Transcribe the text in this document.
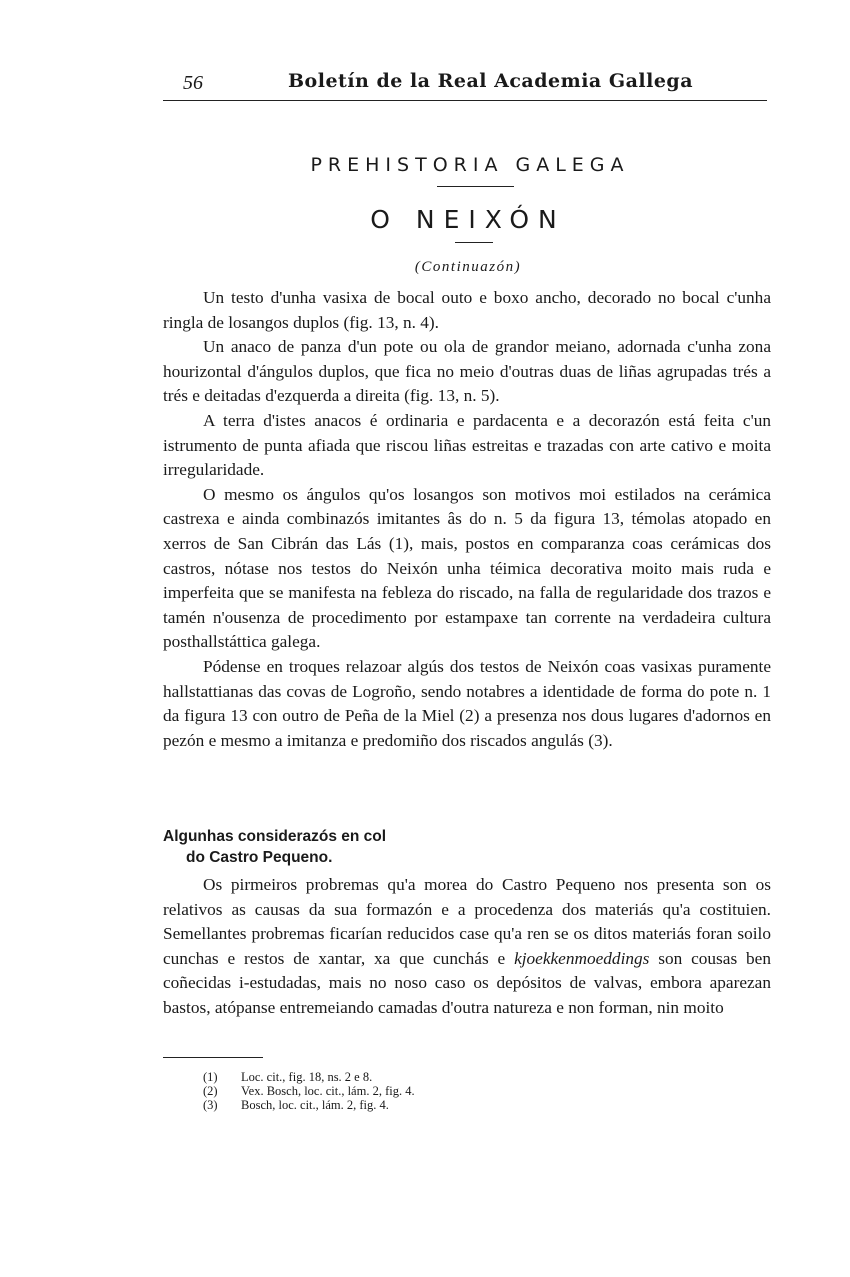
56	Boletín de la Real Academia Gallega
PREHISTORIA GALEGA
O NEIXÓN
(Continuazón)

Un testo d'unha vasixa de bocal outo e boxo ancho, decorado no bocal c'unha ringla de losangos duplos (fig. 13, n. 4).

Un anaco de panza d'un pote ou ola de grandor meiano, adornada c'unha zona hourizontal d'ángulos duplos, que fica no meio d'outras duas de liñas agrupadas trés a trés e deitadas d'ezquerda a direita (fig. 13, n. 5).

A terra d'istes anacos é ordinaria e pardacenta e a decorazón está feita c'un istrumento de punta afiada que riscou liñas estreitas e trazadas con arte cativo e moita irregularidade.

O mesmo os ángulos qu'os losangos son motivos moi estilados na cerámica castrexa e ainda combinazós imitantes âs do n. 5 da figura 13, témolas atopado en xerros de San Cibrán das Lás (1), mais, postos en comparanza coas cerámicas dos castros, nótase nos testos do Neixón unha téimica decorativa moito mais ruda e imperfeita que se manifesta na febleza do riscado, na falla de regularidade dos trazos e tamén n'ousenza de procedimento por estampaxe tan corrente na verdadeira cultura posthallstáttica galega.

Pódense en troques relazoar algús dos testos de Neixón coas vasixas puramente hallstattianas das covas de Logroño, sendo notabres a identidade de forma do pote n. 1 da figura 13 con outro de Peña de la Miel (2) a presenza nos dous lugares d'adornos en pezón e mesmo a imitanza e predomiño dos riscados angulás (3).

Algunhas considerazós en col
do Castro Pequeno.

Os pirmeiros probremas qu'a morea do Castro Pequeno nos presenta son os relativos as causas da sua formazón e a procedenza dos materiás qu'a costituien. Semellantes probremas ficarían reducidos case qu'a ren se os ditos materiás foran soilo cunchas e restos de xantar, xa que cunchás e kjoekkenmoeddings son cousas ben coñecidas i-estudadas, mais no noso caso os depósitos de valvas, embora aparezan bastos, atópanse entremeiando camadas d'outra natureza e non forman, nin moito

(1)	Loc. cit., fig. 18, ns. 2 e 8.
(2)	Vex. Bosch, loc. cit., lám. 2, fig. 4.
(3)	Bosch, loc. cit., lám. 2, fig. 4.
